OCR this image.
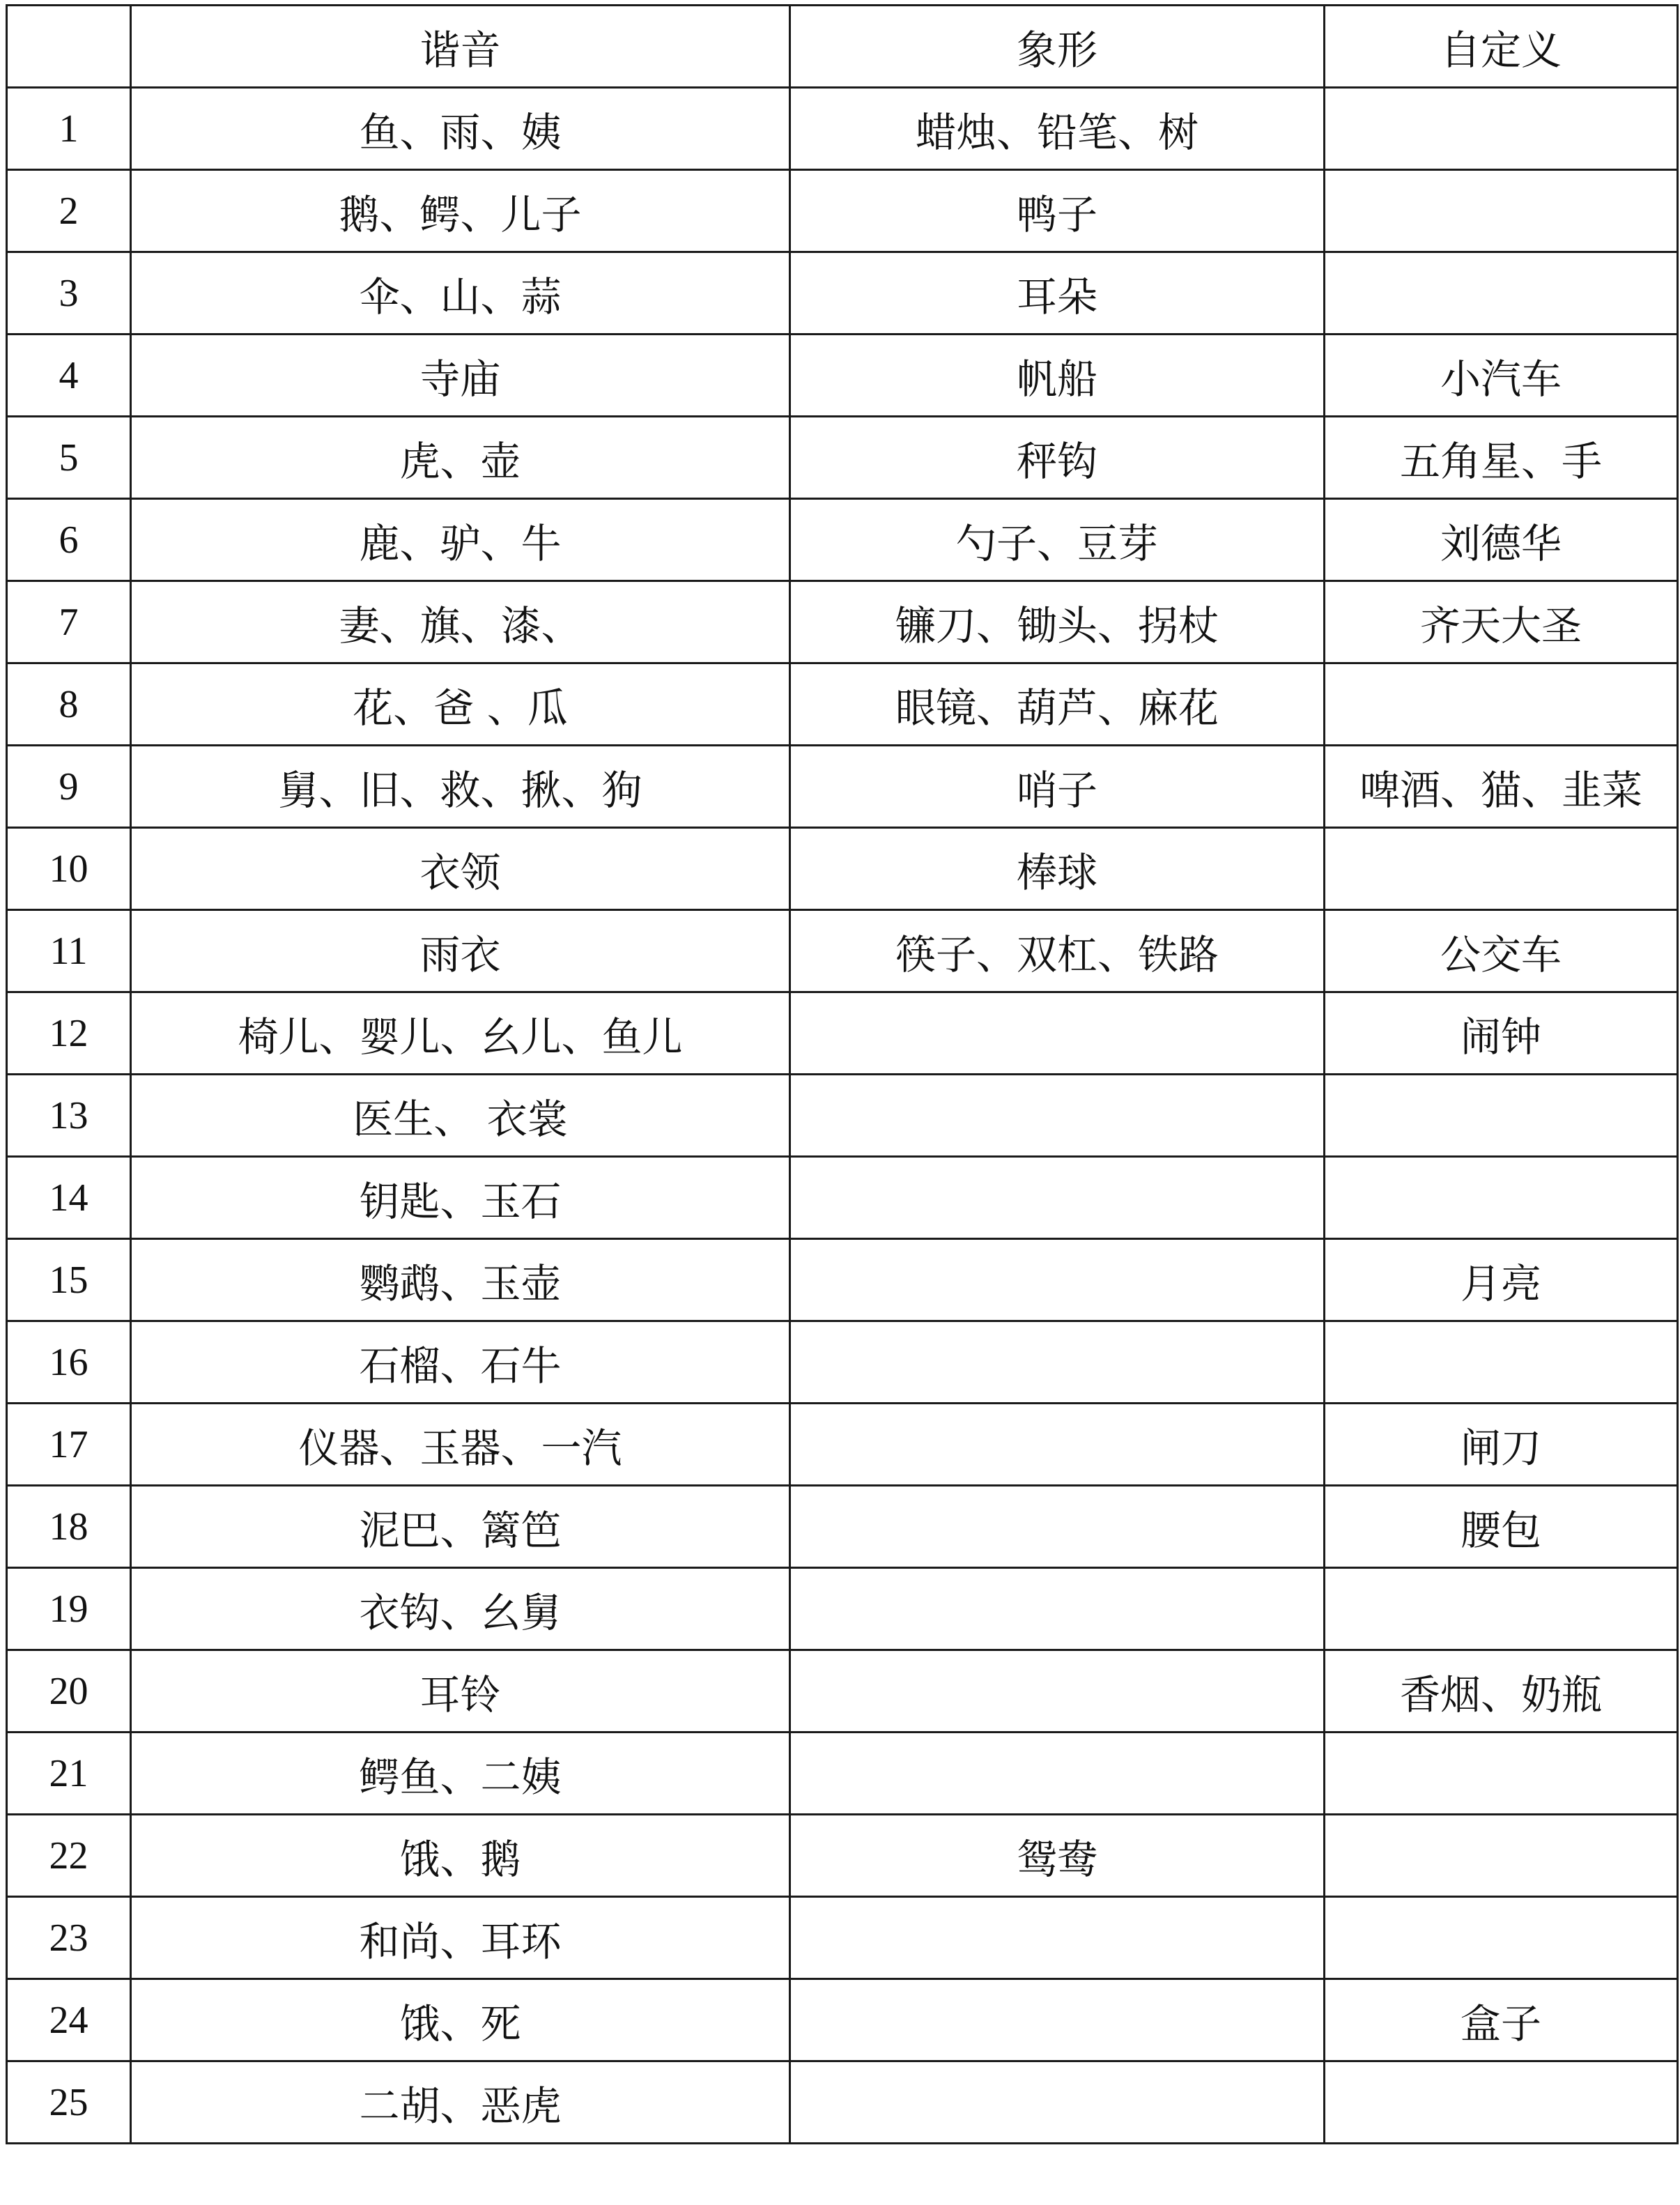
	谐音	象形	自定义
1	鱼、雨、姨	蜡烛、铅笔、树	
2	鹅、鳄、儿子	鸭子	
3	伞、山、蒜	耳朵	
4	寺庙	帆船	小汽车
5	虎、壶	秤钩	五角星、手
6	鹿、驴、牛	勺子、豆芽	刘德华
7	妻、旗、漆、	镰刀、锄头、拐杖	齐天大圣
8	花、爸 、瓜	眼镜、葫芦、麻花	
9	舅、旧、救、揪、狗	哨子	啤酒、猫、韭菜
10	衣领	棒球	
11	雨衣	筷子、双杠、铁路	公交车
12	椅儿、婴儿、幺儿、鱼儿		闹钟
13	医生、 衣裳		
14	钥匙、玉石		
15	鹦鹉、玉壶		月亮
16	石榴、石牛		
17	仪器、玉器、一汽		闸刀
18	泥巴、篱笆		腰包
19	衣钩、幺舅		
20	耳铃		香烟、奶瓶
21	鳄鱼、二姨		
22	饿、鹅	鸳鸯	
23	和尚、耳环		
24	饿、死		盒子
25	二胡、恶虎		
